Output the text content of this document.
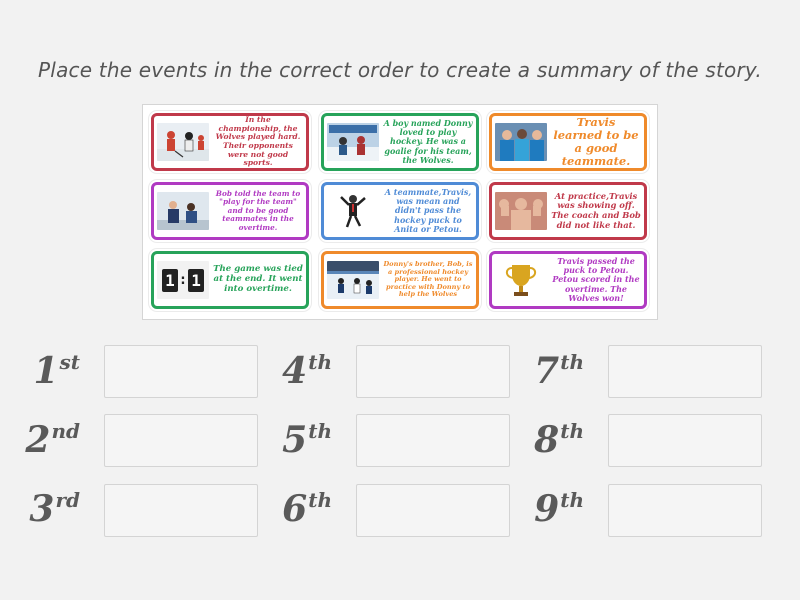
Place the events in the correct order to create a summary of the story.
In the championship, the Wolves played hard. Their opponents were not good sports.
A boy named Donny loved to play hockey. He was a goalie for his team, the Wolves.
Travis learned to be a good teammate.
Bob told the team to "play for the team" and to be good teammates in the overtime.
A teammate,Travis, was mean and didn't pass the hockey puck to Anita or Petou.
At practice,Travis was showing off. The coach and Bob did not like that.
1 : 1
The game was tied at the end. It went into overtime.
Donny's brother, Bob, is a professional hockey player. He went to practice with Donny to help the Wolves
Travis passed the puck to Petou. Petou scored in the overtime. The Wolves won!
1st
2nd
3rd
4th
5th
6th
7th
8th
9th
